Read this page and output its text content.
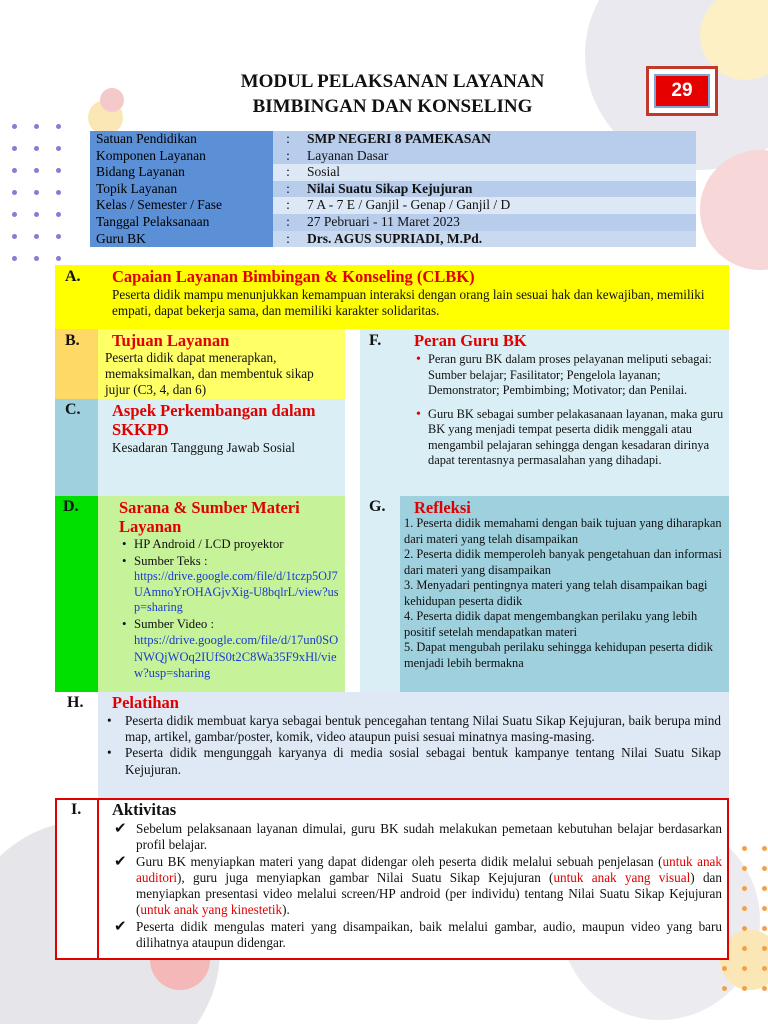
MODUL PELAKSANAN LAYANAN
BIMBINGAN DAN KONSELING
29
Satuan Pendidikan	:	SMP NEGERI 8 PAMEKASAN
Komponen Layanan	:	Layanan Dasar
Bidang Layanan	:	Sosial
Topik Layanan	:	Nilai Suatu Sikap Kejujuran
Kelas / Semester / Fase	:	7 A - 7 E / Ganjil - Genap / Ganjil / D
Tanggal Pelaksanaan	:	27 Pebruari - 11 Maret 2023
Guru BK	:	Drs. AGUS SUPRIADI, M.Pd.
A. Capaian Layanan Bimbingan & Konseling (CLBK)
Peserta didik mampu menunjukkan kemampuan interaksi dengan orang lain sesuai hak dan kewajiban, memiliki empati, dapat bekerja sama, dan memiliki karakter solidaritas.
B. Tujuan Layanan
Peserta didik dapat menerapkan, memaksimalkan, dan membentuk sikap jujur (C3, 4, dan 6)
C. Aspek Perkembangan dalam SKKPD
Kesadaran Tanggung Jawab Sosial
F. Peran Guru BK
• Peran guru BK dalam proses pelayanan meliputi sebagai: Sumber belajar; Fasilitator; Pengelola layanan; Demonstrator; Pembimbing; Motivator; dan Penilai.
• Guru BK sebagai sumber pelakasanaan layanan, maka guru BK yang menjadi tempat peserta didik menggali atau mengambil pelajaran sehingga dengan kesadaran dirinya dapat terentasnya permasalahan yang dihadapi.
D. Sarana & Sumber Materi Layanan
• HP Android / LCD proyektor
• Sumber Teks :
https://drive.google.com/file/d/1tczp5OJ7UAmnoYrOHAGjvXig-U8bqlrL/view?usp=sharing
• Sumber Video :
https://drive.google.com/file/d/17un0SONWQjWOq2IUfS0t2C8Wa35F9xHl/view?usp=sharing
G. Refleksi
1. Peserta didik memahami dengan baik tujuan yang diharapkan dari materi yang telah disampaikan
2. Peserta didik memperoleh banyak pengetahuan dan informasi dari materi yang disampaikan
3. Menyadari pentingnya materi yang telah disampaikan bagi kehidupan peserta didik
4. Peserta didik dapat mengembangkan perilaku yang lebih positif setelah mendapatkan materi
5. Dapat mengubah perilaku sehingga kehidupan peserta didik menjadi lebih bermakna
H. Pelatihan
• Peserta didik membuat karya sebagai bentuk pencegahan tentang Nilai Suatu Sikap Kejujuran, baik berupa mind map, artikel, gambar/poster, komik, video ataupun puisi sesuai minatnya masing-masing.
• Peserta didik mengunggah karyanya di media sosial sebagai bentuk kampanye tentang Nilai Suatu Sikap Kejujuran.
I. Aktivitas
✔ Sebelum pelaksanaan layanan dimulai, guru BK sudah melakukan pemetaan kebutuhan belajar berdasarkan profil belajar.
✔ Guru BK menyiapkan materi yang dapat didengar oleh peserta didik melalui sebuah penjelasan (untuk anak auditori), guru juga menyiapkan gambar Nilai Suatu Sikap Kejujuran (untuk anak yang visual) dan menyiapkan presentasi video melalui screen/HP android (per individu) tentang Nilai Suatu Sikap Kejujuran (untuk anak yang kinestetik).
✔ Peserta didik mengulas materi yang disampaikan, baik melalui gambar, audio, maupun video yang baru dilihatnya ataupun didengar.
